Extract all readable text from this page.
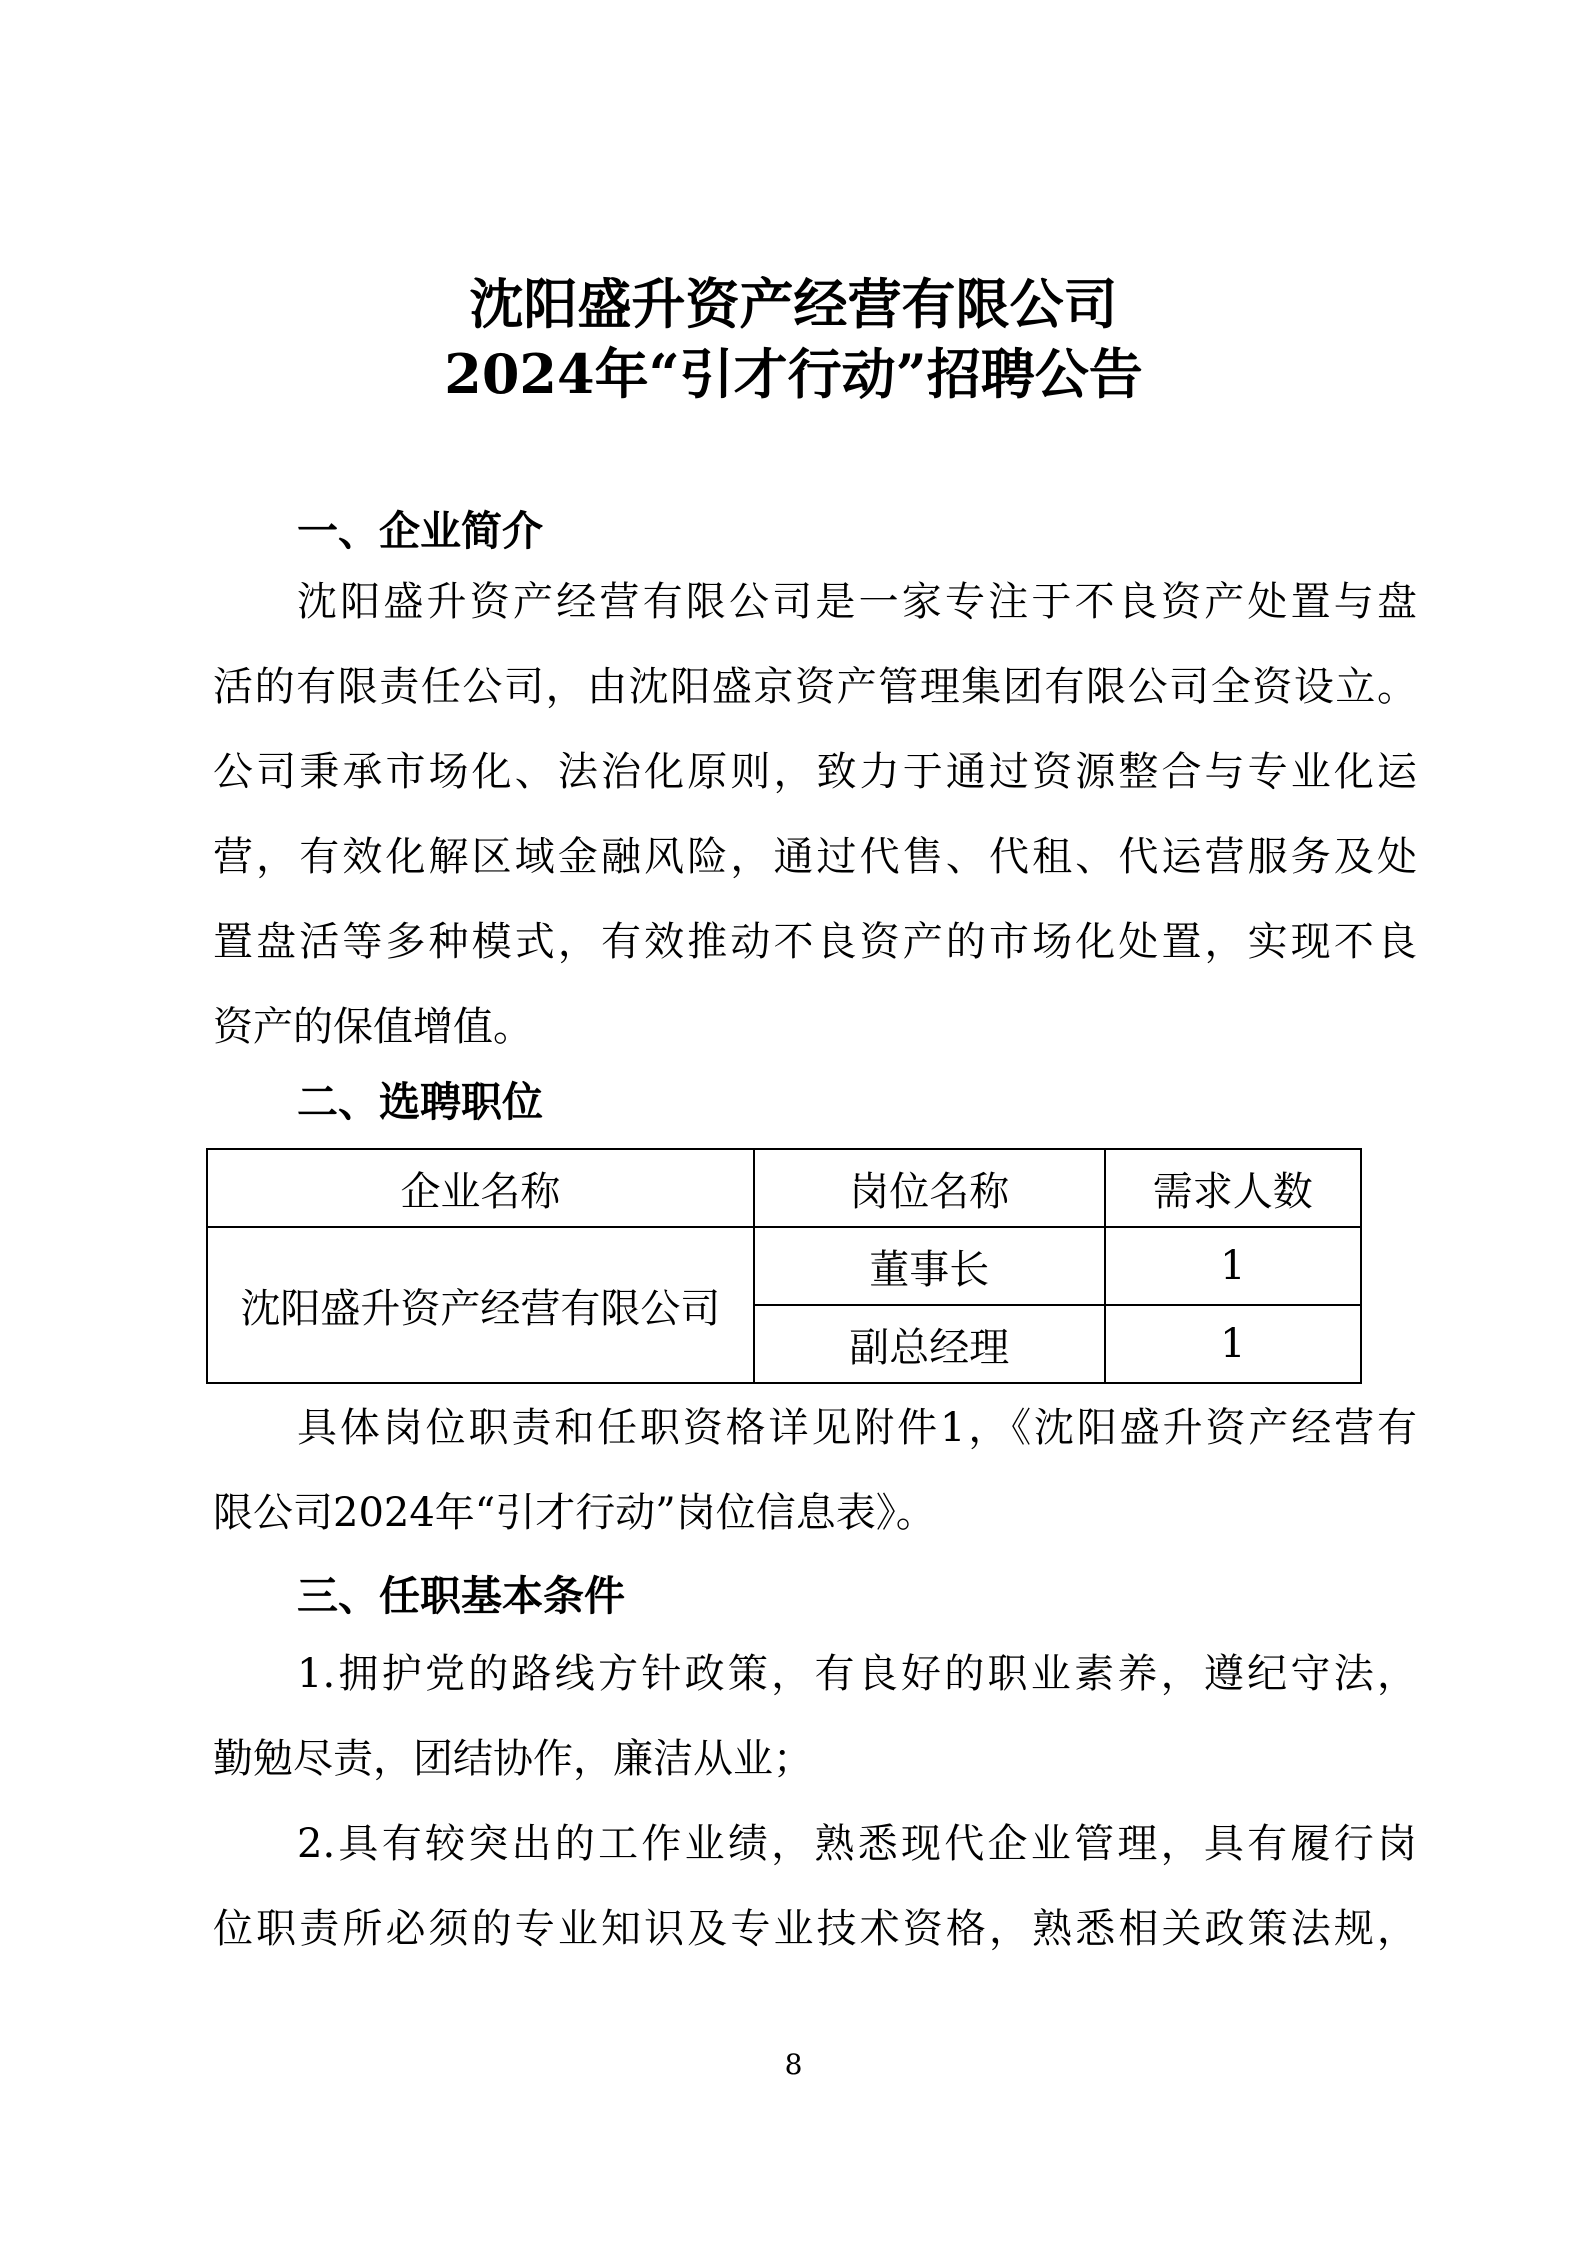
沈阳盛升资产经营有限公司
2024年“引才行动”招聘公告
一、企业简介
沈阳盛升资产经营有限公司是一家专注于不良资产处置与盘
活的有限责任公司，由沈阳盛京资产管理集团有限公司全资设立。
公司秉承市场化、法治化原则，致力于通过资源整合与专业化运
营，有效化解区域金融风险，通过代售、代租、代运营服务及处
置盘活等多种模式，有效推动不良资产的市场化处置，实现不良
资产的保值增值。
二、选聘职位
企业名称	岗位名称	需求人数
沈阳盛升资产经营有限公司	董事长	1
	副总经理	1
具体岗位职责和任职资格详见附件1，《沈阳盛升资产经营有
限公司2024年“引才行动”岗位信息表》。
三、任职基本条件
1.拥护党的路线方针政策，有良好的职业素养，遵纪守法，
勤勉尽责，团结协作，廉洁从业；
2.具有较突出的工作业绩，熟悉现代企业管理，具有履行岗
位职责所必须的专业知识及专业技术资格，熟悉相关政策法规，
8
